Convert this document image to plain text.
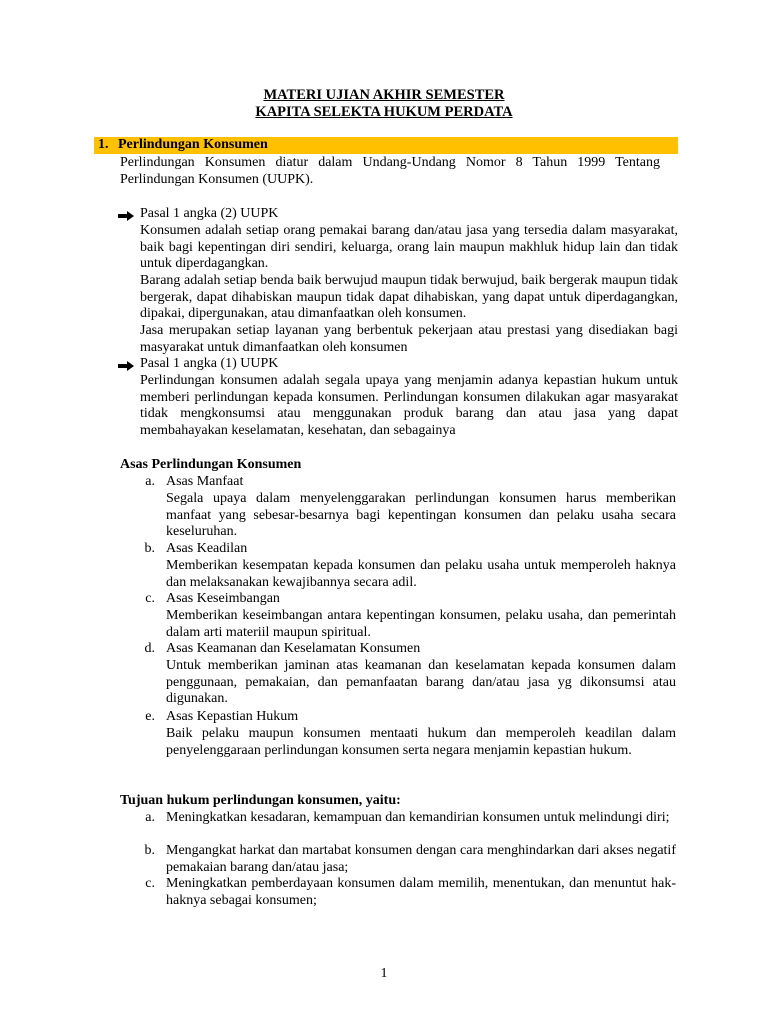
MATERI UJIAN AKHIR SEMESTER
KAPITA SELEKTA HUKUM PERDATA
1. Perlindungan Konsumen
Perlindungan Konsumen diatur dalam Undang-Undang Nomor 8 Tahun 1999 Tentang Perlindungan Konsumen (UUPK).
Pasal 1 angka (2) UUPK
Konsumen adalah setiap orang pemakai barang dan/atau jasa yang tersedia dalam masyarakat, baik bagi kepentingan diri sendiri, keluarga, orang lain maupun makhluk hidup lain dan tidak untuk diperdagangkan.
Barang adalah setiap benda baik berwujud maupun tidak berwujud, baik bergerak maupun tidak bergerak, dapat dihabiskan maupun tidak dapat dihabiskan, yang dapat untuk diperdagangkan, dipakai, dipergunakan, atau dimanfaatkan oleh konsumen.
Jasa merupakan setiap layanan yang berbentuk pekerjaan atau prestasi yang disediakan bagi masyarakat untuk dimanfaatkan oleh konsumen
Pasal 1 angka (1) UUPK
Perlindungan konsumen adalah segala upaya yang menjamin adanya kepastian hukum untuk memberi perlindungan kepada konsumen. Perlindungan konsumen dilakukan agar masyarakat tidak mengkonsumsi atau menggunakan produk barang dan atau jasa yang dapat membahayakan keselamatan, kesehatan, dan sebagainya
Asas Perlindungan Konsumen
a. Asas Manfaat
Segala upaya dalam menyelenggarakan perlindungan konsumen harus memberikan manfaat yang sebesar-besarnya bagi kepentingan konsumen dan pelaku usaha secara keseluruhan.
b. Asas Keadilan
Memberikan kesempatan kepada konsumen dan pelaku usaha untuk memperoleh haknya dan melaksanakan kewajibannya secara adil.
c. Asas Keseimbangan
Memberikan keseimbangan antara kepentingan konsumen, pelaku usaha, dan pemerintah dalam arti materiil maupun spiritual.
d. Asas Keamanan dan Keselamatan Konsumen
Untuk memberikan jaminan atas keamanan dan keselamatan kepada konsumen dalam penggunaan, pemakaian, dan pemanfaatan barang dan/atau jasa yg dikonsumsi atau digunakan.
e. Asas Kepastian Hukum
Baik pelaku maupun konsumen mentaati hukum dan memperoleh keadilan dalam penyelenggaraan perlindungan konsumen serta negara menjamin kepastian hukum.
Tujuan hukum perlindungan konsumen, yaitu:
a. Meningkatkan kesadaran, kemampuan dan kemandirian konsumen untuk melindungi diri;
b. Mengangkat harkat dan martabat konsumen dengan cara menghindarkan dari akses negatif pemakaian barang dan/atau jasa;
c. Meningkatkan pemberdayaan konsumen dalam memilih, menentukan, dan menuntut hak-haknya sebagai konsumen;
1
